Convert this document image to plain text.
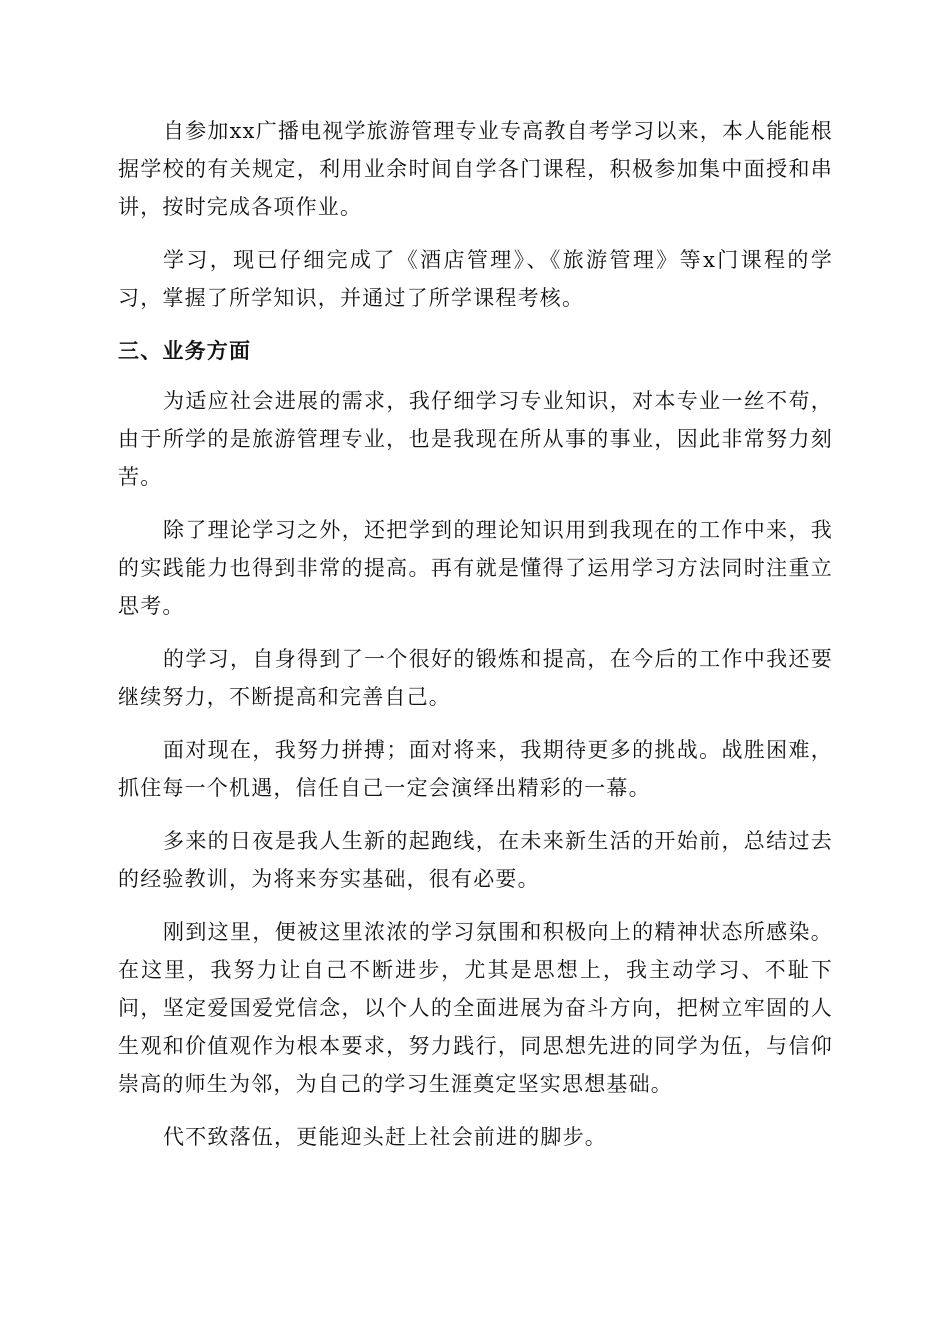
自参加xx广播电视学旅游管理专业专高教自考学习以来，本人能能根据学校的有关规定，利用业余时间自学各门课程，积极参加集中面授和串讲，按时完成各项作业。

学习，现已仔细完成了《酒店管理》、《旅游管理》等x门课程的学习，掌握了所学知识，并通过了所学课程考核。

三、业务方面

为适应社会进展的需求，我仔细学习专业知识，对本专业一丝不苟，由于所学的是旅游管理专业，也是我现在所从事的事业，因此非常努力刻苦。

除了理论学习之外，还把学到的理论知识用到我现在的工作中来，我的实践能力也得到非常的提高。再有就是懂得了运用学习方法同时注重立思考。

的学习，自身得到了一个很好的锻炼和提高，在今后的工作中我还要继续努力，不断提高和完善自己。

面对现在，我努力拼搏；面对将来，我期待更多的挑战。战胜困难，抓住每一个机遇，信任自己一定会演绎出精彩的一幕。

多来的日夜是我人生新的起跑线，在未来新生活的开始前，总结过去的经验教训，为将来夯实基础，很有必要。

刚到这里，便被这里浓浓的学习氛围和积极向上的精神状态所感染。在这里，我努力让自己不断进步，尤其是思想上，我主动学习、不耻下问，坚定爱国爱党信念，以个人的全面进展为奋斗方向，把树立牢固的人生观和价值观作为根本要求，努力践行，同思想先进的同学为伍，与信仰崇高的师生为邻，为自己的学习生涯奠定坚实思想基础。

代不致落伍，更能迎头赶上社会前进的脚步。
